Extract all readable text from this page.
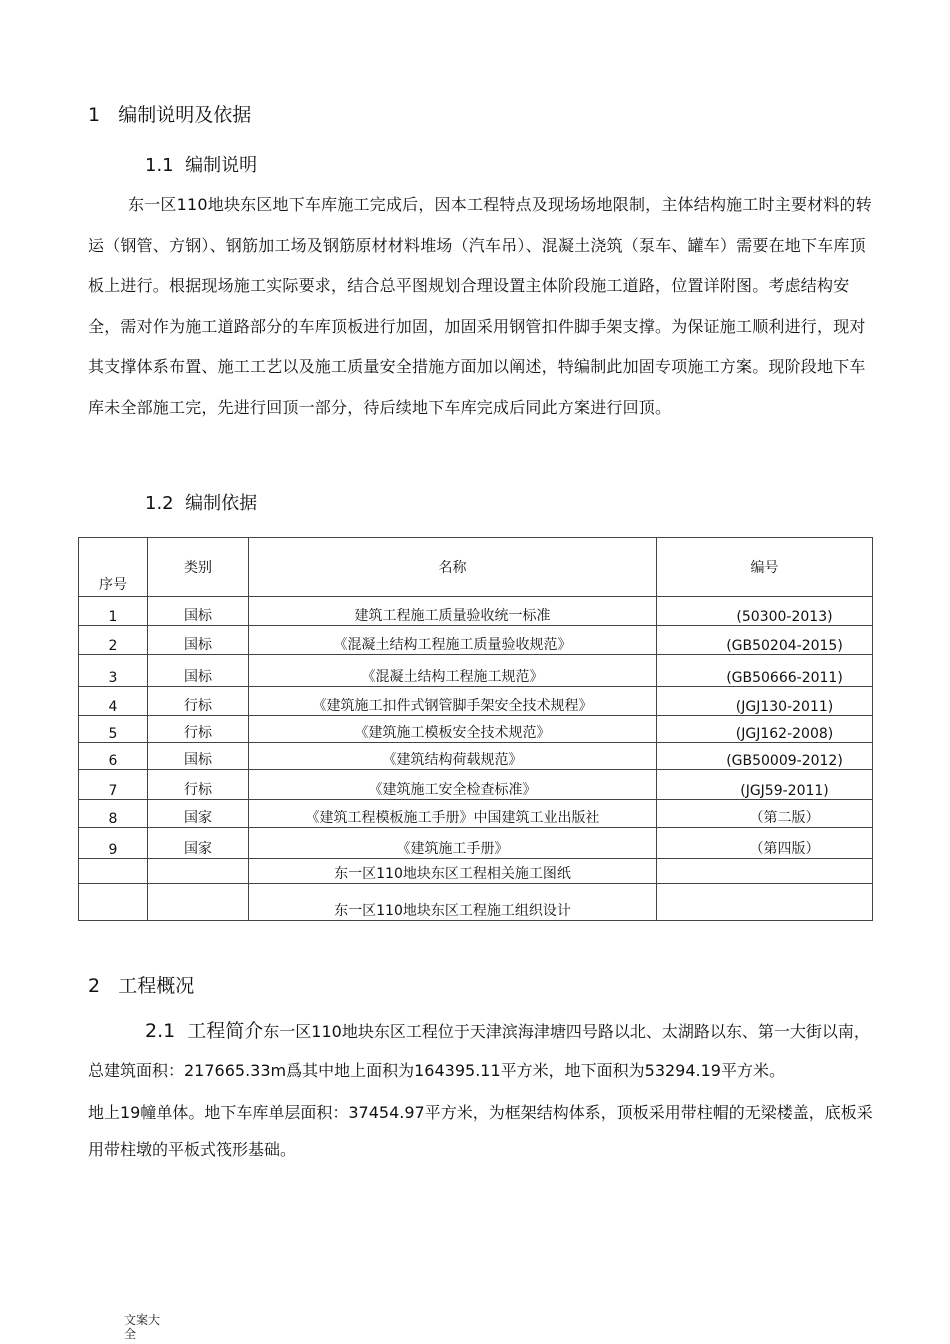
1   编制说明及依据
1.1  编制说明

东一区110地块东区地下车库施工完成后，因本工程特点及现场场地限制，主体结构施工时主要材料的转运（钢管、方钢）、钢筋加工场及钢筋原材材料堆场（汽车吊）、混凝土浇筑（泵车、罐车）需要在地下车库顶板上进行。根据现场施工实际要求，结合总平图规划合理设置主体阶段施工道路，位置详附图。考虑结构安全，需对作为施工道路部分的车库顶板进行加固，加固采用钢管扣件脚手架支撑。为保证施工顺利进行，现对其支撑体系布置、施工工艺以及施工质量安全措施方面加以阐述，特编制此加固专项施工方案。现阶段地下车库未全部施工完，先进行回顶一部分，待后续地下车库完成后同此方案进行回顶。

1.2  编制依据
序号	类别	名称	编号
1	国标	建筑工程施工质量验收统一标准	(50300-2013)
2	国标	《混凝土结构工程施工质量验收规范》	(GB50204-2015)
3	国标	《混凝土结构工程施工规范》	(GB50666-2011)
4	行标	《建筑施工扣件式钢管脚手架安全技术规程》	(JGJ130-2011)
5	行标	《建筑施工模板安全技术规范》	(JGJ162-2008)
6	国标	《建筑结构荷载规范》	(GB50009-2012)
7	行标	《建筑施工安全检查标准》	(JGJ59-2011)
8	国家	《建筑工程模板施工手册》中国建筑工业出版社	（第二版）
9	国家	《建筑施工手册》	（第四版）
		东一区110地块东区工程相关施工图纸	
		东一区110地块东区工程施工组织设计	
2   工程概况

2.1  工程简介东一区110地块东区工程位于天津滨海津塘四号路以北、太湖路以东、第一大街以南，总建筑面积：217665.33m爲其中地上面积为164395.11平方米，地下面积为53294.19平方米。

地上19幢单体。地下车库单层面积：37454.97平方米，为框架结构体系，顶板采用带柱帽的无梁楼盖，底板采用带柱墩的平板式筏形基础。

文案大全
